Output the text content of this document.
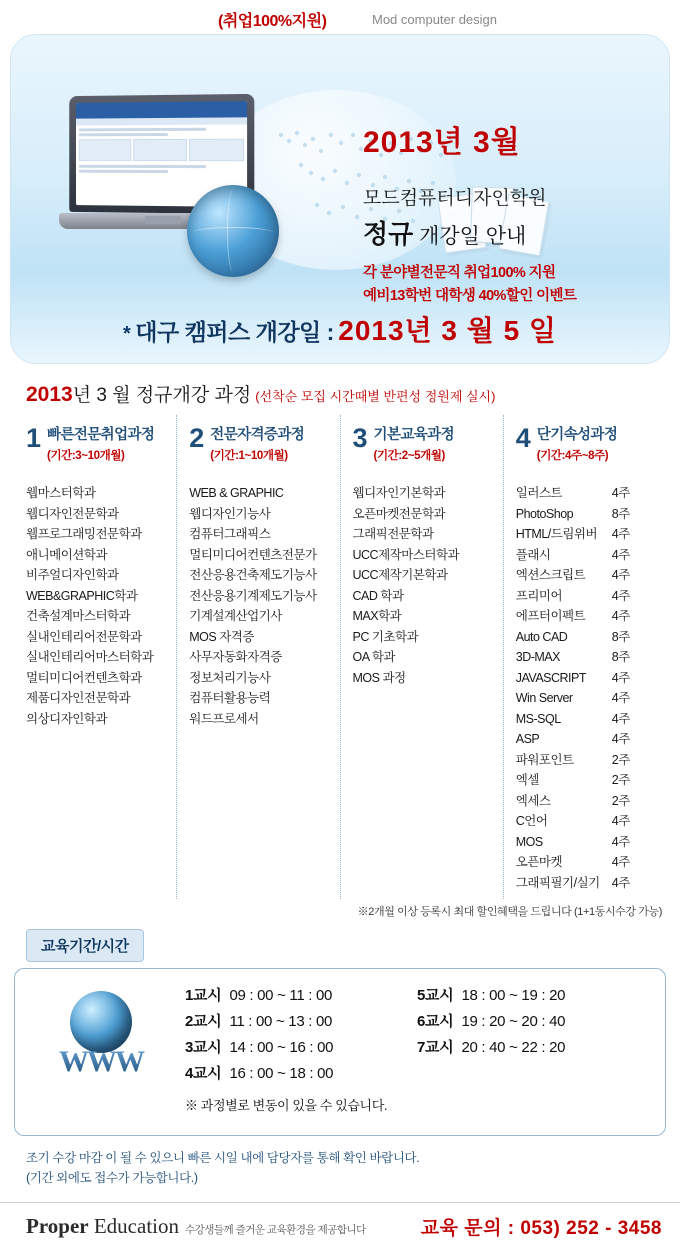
(취업100%지원)	Mod computer design
2013년 3월
모드컴퓨터디자인학원
정규 개강일 안내
각 분야별전문직 취업100% 지원
예비13학번 대학생 40%할인 이벤트
* 대구 캠퍼스 개강일 : 2013년 3 월 5 일
2013년 3 월 정규개강 과정 (선착순 모집 시간때별 반편성 정원제 실시)
1 빠른전문취업과정
(기간:3~10개월)
웹마스터학과
웹디자인전문학과
웹프로그래밍전문학과
애니메이션학과
비주얼디자인학과
WEB&GRAPHIC학과
건축설계마스터학과
실내인테리어전문학과
실내인테리어마스터학과
멀티미디어컨텐츠학과
제품디자인전문학과
의상디자인학과
2 전문자격증과정
(기간:1~10개월)
WEB & GRAPHIC
웹디자인기능사
컴퓨터그래픽스
멀티미디어컨텐츠전문가
전산응용건축제도기능사
전산응용기계제도기능사
기계설계산업기사
MOS 자격증
사무자동화자격증
정보처리기능사
컴퓨터활용능력
워드프로세서
3 기본교육과정
(기간:2~5개월)
웹디자인기본학과
오픈마켓전문학과
그래픽전문학과
UCC제작마스터학과
UCC제작기본학과
CAD 학과
MAX학과
PC 기초학과
OA 학과
MOS 과정
4 단기속성과정
(기간:4주~8주)
일러스트	4주
PhotoShop	8주
HTML/드림위버	4주
플래시	4주
엑션스크립트	4주
프리미어	4주
에프터이펙트	4주
Auto CAD	8주
3D-MAX	8주
JAVASCRIPT	4주
Win Server	4주
MS-SQL	4주
ASP	4주
파워포인트	2주
엑셀	2주
엑세스	2주
C언어	4주
MOS	4주
오픈마켓	4주
그래픽필기/실기 4주
※2개월 이상 등록시 최대 할인혜택을 드립니다 (1+1동시수강 가능)
교육기간/시간
WWW
1교시 09 : 00 ~ 11 : 00	5교시 18 : 00 ~ 19 : 20
2교시 11 : 00 ~ 13 : 00	6교시 19 : 20 ~ 20 : 40
3교시 14 : 00 ~ 16 : 00	7교시 20 : 40 ~ 22 : 20
4교시 16 : 00 ~ 18 : 00
※ 과정별로 변동이 있을 수 있습니다.
조기 수강 마감 이 될 수 있으니 빠른 시일 내에 담당자를 통해 확인 바랍니다.
(기간 외에도 접수가 가능합니다.)
Proper Education 수강생들께 즐거운 교육환경을 제공합니다	교육 문의 : 053) 252 - 3458
